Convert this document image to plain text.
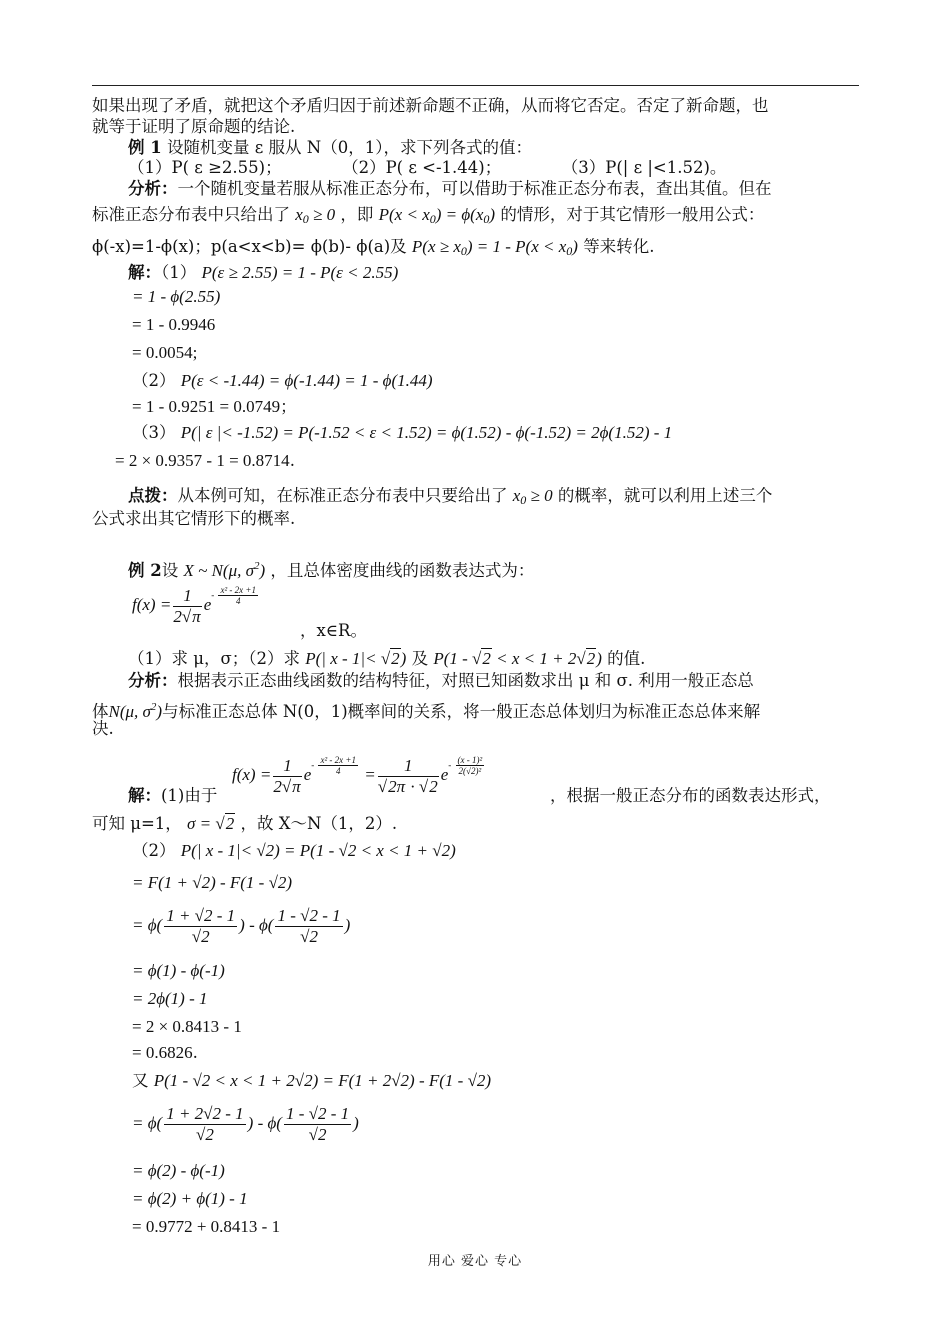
如果出现了矛盾，就把这个矛盾归因于前述新命题不正确，从而将它否定。否定了新命题，也
就等于证明了原命题的结论.
例 1 设随机变量 ε 服从 N（0，1），求下列各式的值：
（1）P( ε ≥2.55)；	（2）P( ε <-1.44)；	（3）P(| ε |<1.52)。
分析：一个随机变量若服从标准正态分布，可以借助于标准正态分布表，查出其值。但在
标准正态分布表中只给出了 x0 ≥ 0 ，即 P(x < x0) = ϕ(x0) 的情形，对于其它情形一般用公式：
ϕ(-x)=1-ϕ(x)；p(a<x<b)= ϕ(b)- ϕ(a)及 P(x ≥ x0) = 1 - P(x < x0) 等来转化.
解：（1） P(ε ≥ 2.55) = 1 - P(ε < 2.55)
= 1 - ϕ(2.55)
= 1 - 0.9946
= 0.0054;
（2） P(ε < -1.44) = ϕ(-1.44) = 1 - ϕ(1.44)
= 1 - 0.9251 = 0.0749；
（3） P(| ε |< -1.52) = P(-1.52 < ε < 1.52) = ϕ(1.52) - ϕ(-1.52) = 2ϕ(1.52) - 1
= 2 × 0.9357 - 1 = 0.8714.
点拨：从本例可知，在标准正态分布表中只要给出了 x0 ≥ 0 的概率，就可以利用上述三个
公式求出其它情形下的概率.
例 2设 X ~ N(μ, $\sigma^2$) ，且总体密度曲线的函数表达式为：
$f(x) = \frac{1}{2√\pi} e^{- \frac{\text{x² - 2x +1}}{4}}$
，x∈R。
（1）求 μ，σ；（2）求 P(| x - 1|< √2) 及 P(1 - √2 < x < 1 + 2√2) 的值.
分析：根据表示正态曲线函数的结构特征，对照已知函数求出 μ 和 σ. 利用一般正态总
体N(μ, $\sigma^2$)与标准正态总体 N(0，1)概率间的关系，将一般正态总体划归为标准正态总体来解
决.
$f(x) = \frac{1}{2√\pi} e^{- \frac{\text{x² - 2x +1}}{4}} = \frac{1}{√2\pi \cdot √2} e^{- \frac{\text{(x - 1)²}}{\text{2(√2)²}}}$
解：(1)由于	，根据一般正态分布的函数表达形式，
可知 μ=1， σ = √2 ，故 X～N（1，2）.
（2） P(| x - 1|< √2) = P(1 - √2 < x < 1 + √2)
= F(1 + √2) - F(1 - √2)
= $\phi( \frac{1 + √2 - 1}{√2}$ ) - $\phi( \frac{1 - √2 - 1}{√2}$ )
= ϕ(1) - ϕ(-1)
= 2ϕ(1) - 1
= 2 × 0.8413 - 1
= 0.6826.
又 P(1 - √2 < x < 1 + 2√2) = F(1 + 2√2) - F(1 - √2)
= $\phi( \frac{1 + 2√2 - 1}{√2}$ ) - $\phi( \frac{1 - √2 - 1}{√2}$ )
= ϕ(2) - ϕ(-1)
= ϕ(2) + ϕ(1) - 1
= 0.9772 + 0.8413 - 1
用心 爱心 专心
